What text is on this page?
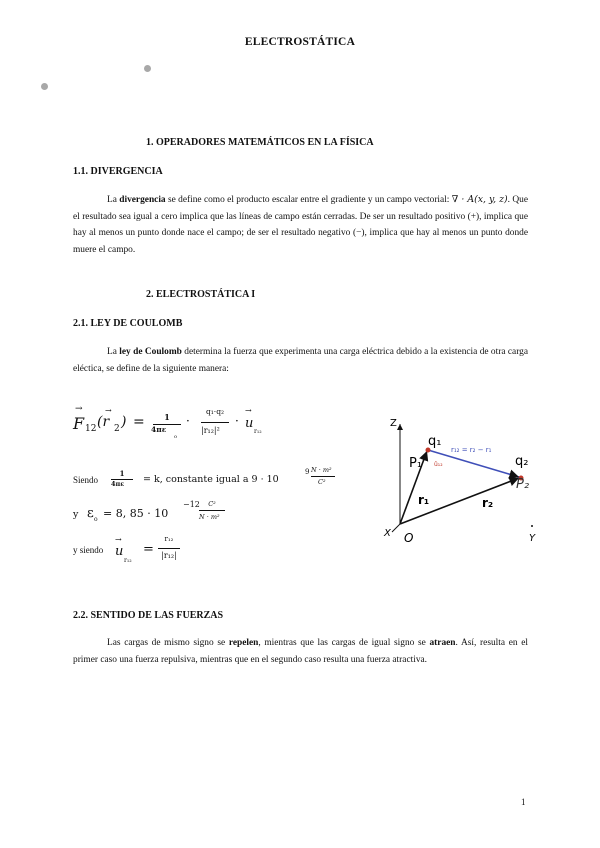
ELECTROSTÁTICA
1. OPERADORES MATEMÁTICOS EN LA FÍSICA
1.1. DIVERGENCIA

La divergencia se define como el producto escalar entre el gradiente y un campo vectorial: ∇ · A(x, y, z). Que el resultado sea igual a cero implica que las líneas de campo están cerradas. De ser un resultado positivo (+), implica que hay al menos un punto donde nace el campo; de ser el resultado negativo (−), implica que hay al menos un punto donde muere el campo.

2. ELECTROSTÁTICA I
2.1. LEY DE COULOMB

La ley de Coulomb determina la fuerza que experimenta una carga eléctrica debido a la existencia de otra carga eléctica, se define de la siguiente manera:

→
F 12 (r
→
2 ) =	1
4πε
o
·
q₁·q₂
|r₁₂|²
·
→
u
r₁₂
Siendo
1
4πε = k, constante igual a 9 · 10
9 N · m²
C²
y ε o = 8, 85 · 10
−12	C²
N · m²
y siendo
→
u
r₁₂
=
r₁₂
|r₁₂|
Z
X	Y
O
P₁
q₁
q₂
P₂
r₁	r₂
r₁₂ = r₂ − r₁
û₁₂
2.2. SENTIDO DE LAS FUERZAS

Las cargas de mismo signo se repelen, mientras que las cargas de igual signo se atraen. Así, resulta en el primer caso una fuerza repulsiva, mientras que en el segundo caso resulta una fuerza atractiva.

1
